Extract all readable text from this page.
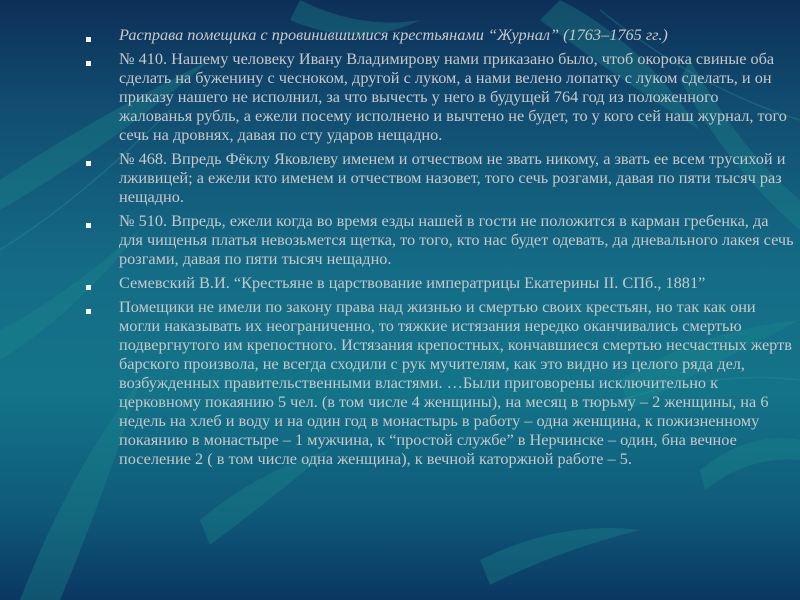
Расправа помещика с провинившимися крестьянами “Журнал” (1763–1765 гг.)
№ 410. Нашему человеку Ивану Владимирову нами приказано было, чтоб окорока свиные оба сделать на буженину с чесноком, другой с луком, а нами велено лопатку с луком сделать, и он приказу нашего не исполнил, за что вычесть у него в будущей 764 год из положенного жалованья рубль, а ежели посему исполнено и вычтено не будет, то у кого сей наш журнал, того сечь на дровнях, давая по сту ударов нещадно.
№ 468. Впредь Фёклу Яковлеву именем и отчеством не звать никому, а звать ее всем трусихой и лживицей; а ежели кто именем и отчеством назовет, того сечь розгами, давая по пяти тысяч раз нещадно.
№ 510. Впредь, ежели когда во время езды нашей в гости не положится в карман гребенка, да для чищенья платья невозьмется щетка, то того, кто нас будет одевать, да дневального лакея сечь розгами, давая по пяти тысяч нещадно.
Семевский В.И. “Крестьяне в царствование императрицы Екатерины II. СПб., 1881”
Помещики не имели по закону права над жизнью и смертью своих крестьян, но так как они могли наказывать их неограниченно, то тяжкие истязания нередко оканчивались смертью подвергнутого им крепостного. Истязания крепостных, кончавшиеся смертью несчастных жертв барского произвола, не всегда сходили с рук мучителям, как это видно из целого ряда дел, возбужденных правительственными властями. …Были приговорены исключительно к церковному покаянию 5 чел. (в том числе 4 женщины), на месяц в тюрьму – 2 женщины, на 6 недель на хлеб и воду и на один год в монастырь в работу – одна женщина, к пожизненному покаянию в монастыре – 1 мужчина, к “простой службе” в Нерчинске – один, бна вечное поселение 2 ( в том числе одна женщина), к вечной каторжной работе – 5.
